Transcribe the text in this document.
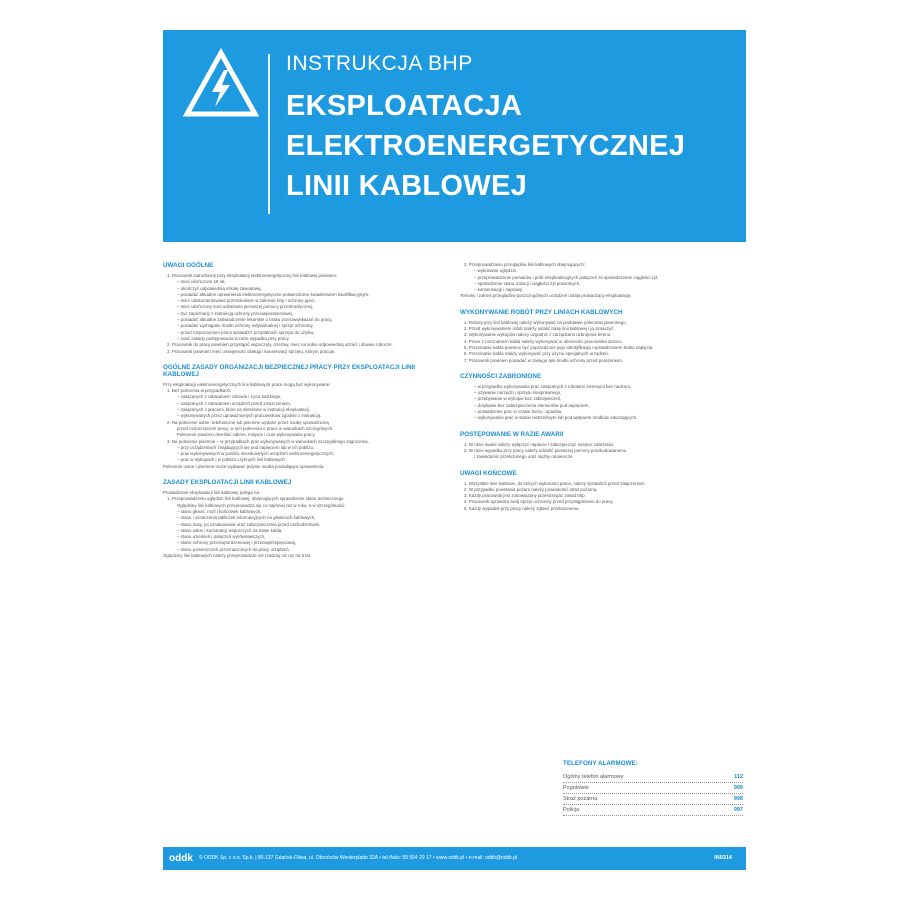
INSTRUKCJA BHP
EKSPLOATACJA
ELEKTROENERGETYCZNEJ
LINII KABLOWEJ
UWAGI OGÓLNE
1. Pracownik zatrudniony przy eksploatacji elektroenergetycznej linii kablowej powinien:
– mieć ukończone 18 lat,
– ukończyć odpowiednią szkołę zawodową,
– posiadać aktualne uprawnienia elektroenergetyczne potwierdzone świadectwem kwalifikacyjnym,
– mieć udokumentowane przeszkolenie w zakresie bhp i ochrony ppoż.,
– mieć ukończony kurs udzielania pierwszej pomocy przedmedycznej,
– być zapoznany z instrukcją ochrony przeciwporażeniowej,
– posiadać aktualne zaświadczenie lekarskie o braku przeciwwskazań do pracy,
– posiadać wymagane środki ochrony indywidualnej i sprzęt ochronny,
– przed rozpoczęciem pracy sprawdzić przydatność sprzętu do użytku,
– znać zasady postępowania w razie wypadku przy pracy.
2. Pracownik do pracy powinien przystąpić wypoczęty, trzeźwy, mieć na sobie odpowiednią odzież i obuwie robocze.
3. Pracownik powinien mieć umiejętność obsługi i konserwacji sprzętu, którym pracuje.
OGÓLNE ZASADY ORGANIZACJI BEZPIECZNEJ PRACY PRZY EKSPLOATACJI LINII KABLOWEJ
Przy eksploatacji elektroenergetycznych linii kablowych prace mogą być wykonywane:
1. Bez polecenia w przypadkach:
– związanych z ratowaniem zdrowia i życia ludzkiego,
– związanych z ratowaniem urządzeń przed zniszczeniem,
– związanych z pracami, które są określone w instrukcji eksploatacji,
– wykonywanych przez upoważnionych pracowników zgodnie z instrukcją.
2. Na polecenie ustne: telefoniczne lub pisemne wydane przez osobę upoważnioną
przed rozpoczęciem pracy, w tym polecenia o prace w warunkach szczególnych.
Polecenie powinno określać zakres, miejsce i czas wykonywania pracy.
3. Na polecenie pisemne – w przypadkach prac wykonywanych w warunkach szczególnego zagrożenia,
– przy urządzeniach znajdujących się pod napięciem lub w ich pobliżu,
– prac wykonywanych w pobliżu nieosłoniętych urządzeń elektroenergetycznych,
– prac w wykopach i w pobliżu czynnych linii kablowych.
Polecenie ustne i pisemne może wydawać jedynie osoba posiadająca uprawnienia.
ZASADY EKSPLOATACJI LINII KABLOWEJ
Prowadzenie eksploatacji linii kablowej polega na:
1. Przeprowadzeniu oględzin linii kablowej, obejmujących sprawdzenie stanu technicznego.
Oględziny linii kablowych przeprowadza się co najmniej raz w roku, a w szczególności:
– stanu głowic, mufi i końcówek kablowych,
– stanu i oznaczenia tabliczek informacyjnych na głowicach kablowych,
– stanu trasy, jej oznakowania oraz zabezpieczenia przed uszkodzeniami,
– stanu osłon i konstrukcji wsporczych na trasie kabla,
– stanu uziemień i połączeń wyrównawczych,
– stanu ochrony przeciwporażeniowej i przeciwprzepięciowej,
– stanu pomieszczeń przeznaczonych do pracy urządzeń.
Oględziny linii kablowych należy przeprowadzać nie rzadziej niż raz na 5 lat.
2. Przeprowadzaniu przeglądów linii kablowych obejmujących:
– wykonanie oględzin,
– przeprowadzenie pomiarów i prób eksploatacyjnych połączeń ze sprawdzeniem ciągłości żył,
– sprawdzenie stanu izolacji i ciągłości żył powrotnych,
– konserwację i naprawy.
Terminy i zakres przeglądów poszczególnych urządzeń ustala prowadzący eksploatację.
WYKONYWANIE ROBÓT PRZY LINIACH KABLOWYCH
1. Roboty przy linii kablowej należy wykonywać na podstawie polecenia pisemnego.
2. Przed wykonywaniem robót należy ustalić trasę linii kablowej i ją oznaczyć.
3. Wykonywanie wykopów należy uzgodnić z zarządcami uzbrojenia terenu.
4. Prace z rozcinaniem kabla należy wykonywać w obecności pracownika dozoru.
5. Przecinanie kabla powinno być poprzedzone jego identyfikacją i sprawdzeniem braku napięcia.
6. Przecinanie kabla należy wykonywać przy użyciu specjalnych urządzeń.
7. Pracownik powinien posiadać w zasięgu ręki środki ochrony przed porażeniem.
CZYNNOŚCI ZABRONIONE
– w przypadku wykonywania prac związanych z robotami ziemnymi bez nadzoru,
– używanie narzędzi i sprzętu niesprawnego,
– przebywanie w wykopie bez zabezpieczeń,
– dotykanie bez zabezpieczenia elementów pod napięciem,
– prowadzenie prac w czasie burzy i opadów,
– wykonywanie prac w stanie nietrzeźwym lub pod wpływem środków odurzających.
POSTĘPOWANIE W RAZIE AWARII
1. W razie awarii należy wyłączyć napięcie i zabezpieczyć miejsce zdarzenia.
2. W razie wypadku przy pracy należy udzielić pierwszej pomocy poszkodowanemu
i zawiadomić przełożonego oraz służby ratownicze.
UWAGI KOŃCOWE
1. Wszystkie linie kablowe, do których wykonano prace, należy sprawdzić przed załączeniem.
2. W przypadku powstania pożaru należy powiadomić straż pożarną.
3. Każdy pracownik jest zobowiązany przestrzegać zasad bhp.
4. Pracownik sprawdza swój sprzęt ochronny przed przystąpieniem do pracy.
5. Każdy wypadek przy pracy należy zgłosić przełożonemu.
TELEFONY ALARMOWE:
Ogólny telefon alarmowy	112
Pogotowie	999
Straż pożarna	998
Policja	997
oddk © ODDK Sp. z o.o. Sp.k. | 80-137 Gdańsk-Oliwa, ul. Obrońców Westerplatte 32A • tel./faks: 58 554 29 17 • www.oddk.pl • e-mail: oddk@oddk.pl	IN0314
